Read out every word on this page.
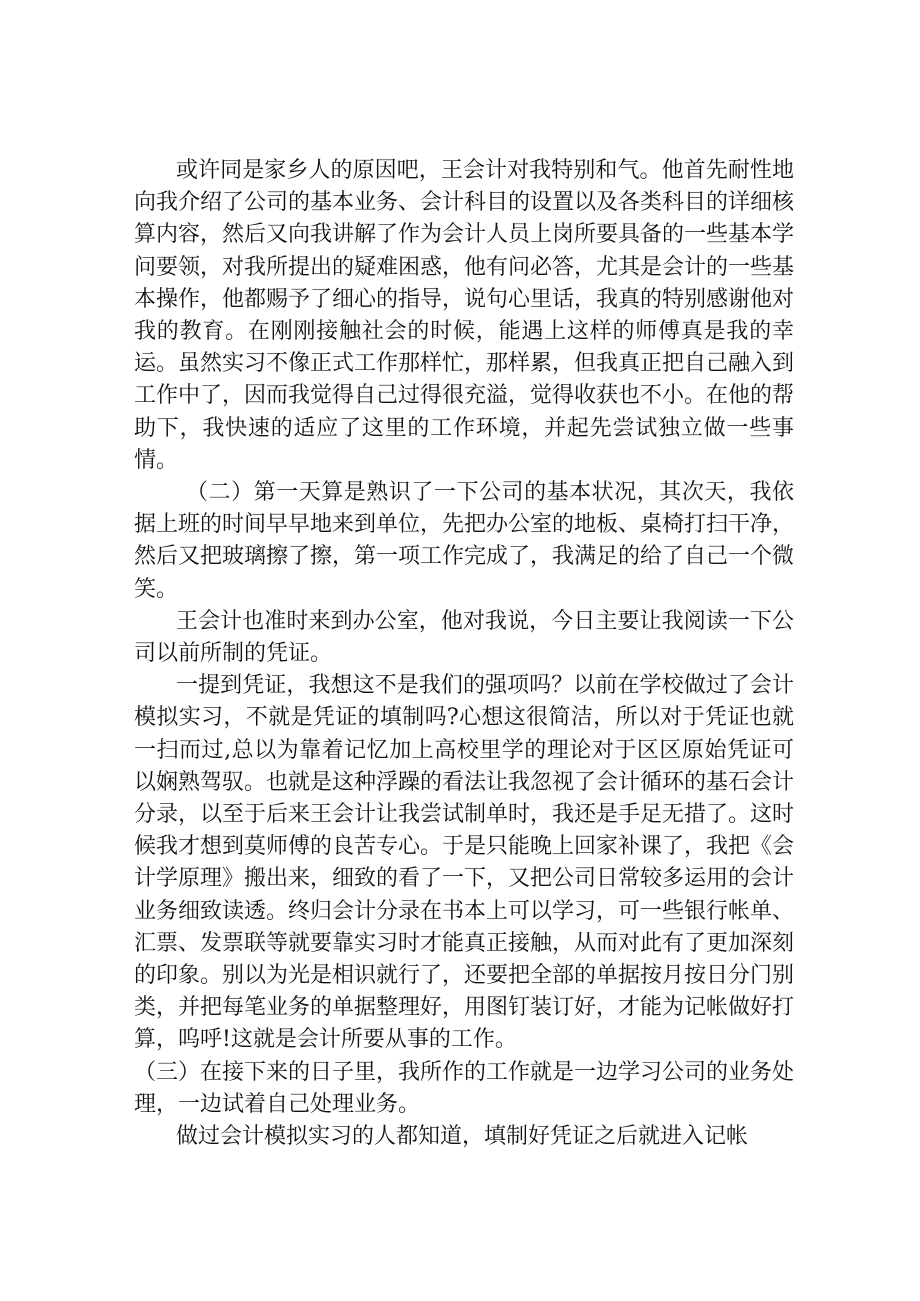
或许同是家乡人的原因吧，王会计对我特别和气。他首先耐性地向我介绍了公司的基本业务、会计科目的设置以及各类科目的详细核算内容，然后又向我讲解了作为会计人员上岗所要具备的一些基本学问要领，对我所提出的疑难困惑，他有问必答，尤其是会计的一些基本操作，他都赐予了细心的指导，说句心里话，我真的特别感谢他对我的教育。在刚刚接触社会的时候，能遇上这样的师傅真是我的幸运。虽然实习不像正式工作那样忙，那样累，但我真正把自己融入到工作中了，因而我觉得自己过得很充溢，觉得收获也不小。在他的帮助下，我快速的适应了这里的工作环境，并起先尝试独立做一些事情。

（二）第一天算是熟识了一下公司的基本状况，其次天，我依据上班的时间早早地来到单位，先把办公室的地板、桌椅打扫干净，然后又把玻璃擦了擦，第一项工作完成了，我满足的给了自己一个微笑。

王会计也准时来到办公室，他对我说，今日主要让我阅读一下公司以前所制的凭证。

一提到凭证，我想这不是我们的强项吗？以前在学校做过了会计模拟实习，不就是凭证的填制吗?心想这很简洁，所以对于凭证也就一扫而过,总以为靠着记忆加上高校里学的理论对于区区原始凭证可以娴熟驾驭。也就是这种浮躁的看法让我忽视了会计循环的基石会计分录，以至于后来王会计让我尝试制单时，我还是手足无措了。这时候我才想到莫师傅的良苦专心。于是只能晚上回家补课了，我把《会计学原理》搬出来，细致的看了一下，又把公司日常较多运用的会计业务细致读透。终归会计分录在书本上可以学习，可一些银行帐单、汇票、发票联等就要靠实习时才能真正接触，从而对此有了更加深刻的印象。别以为光是相识就行了，还要把全部的单据按月按日分门别类，并把每笔业务的单据整理好，用图钉装订好，才能为记帐做好打算，呜呼!这就是会计所要从事的工作。

（三）在接下来的日子里，我所作的工作就是一边学习公司的业务处理，一边试着自己处理业务。

做过会计模拟实习的人都知道，填制好凭证之后就进入记帐
